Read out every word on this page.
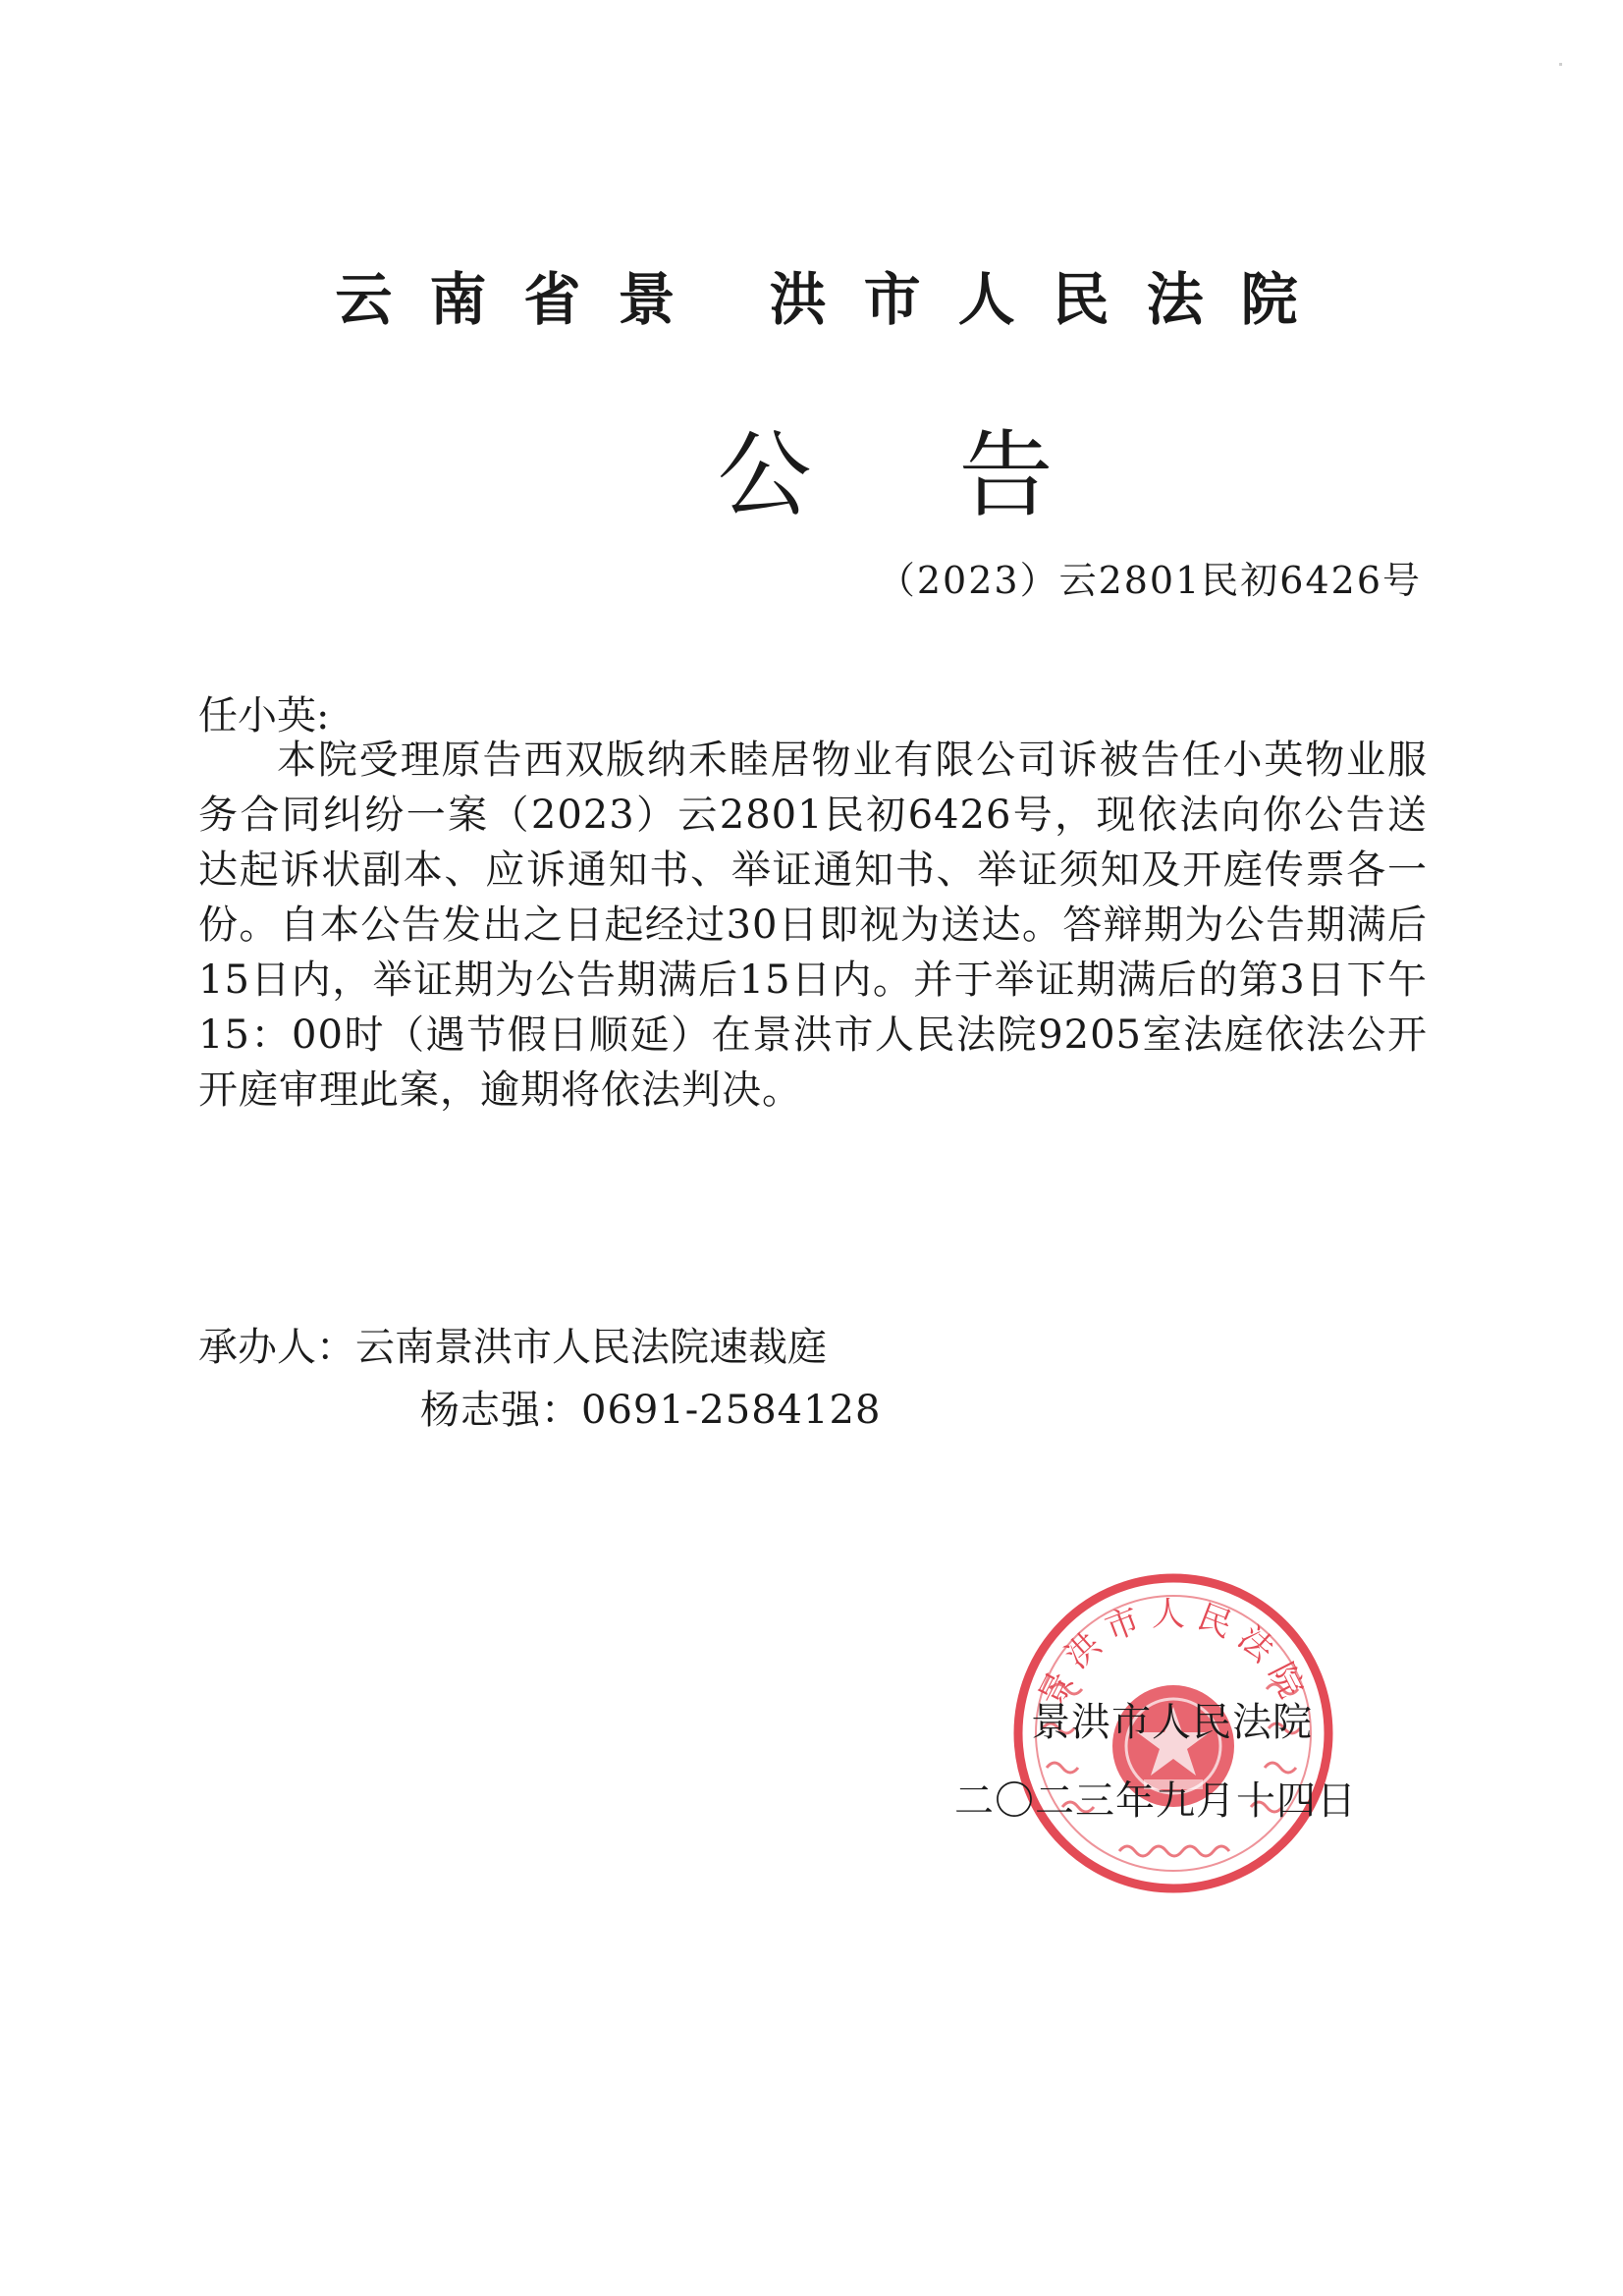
云南省景 洪市人民法院
公告
（2023）云2801民初6426号
任小英:
本院受理原告西双版纳禾睦居物业有限公司诉被告任小英物业服务合同纠纷一案（2023）云2801民初6426号，现依法向你公告送达起诉状副本、应诉通知书、举证通知书、举证须知及开庭传票各一份。自本公告发出之日起经过30日即视为送达。答辩期为公告期满后15日内，举证期为公告期满后15日内。并于举证期满后的第3日下午15：00时（遇节假日顺延）在景洪市人民法院9205室法庭依法公开开庭审理此案，逾期将依法判决。
承办人：云南景洪市人民法院速裁庭
杨志强：0691-2584128
景洪市人民法院
景洪市人民法院
二〇二三年九月十四日
